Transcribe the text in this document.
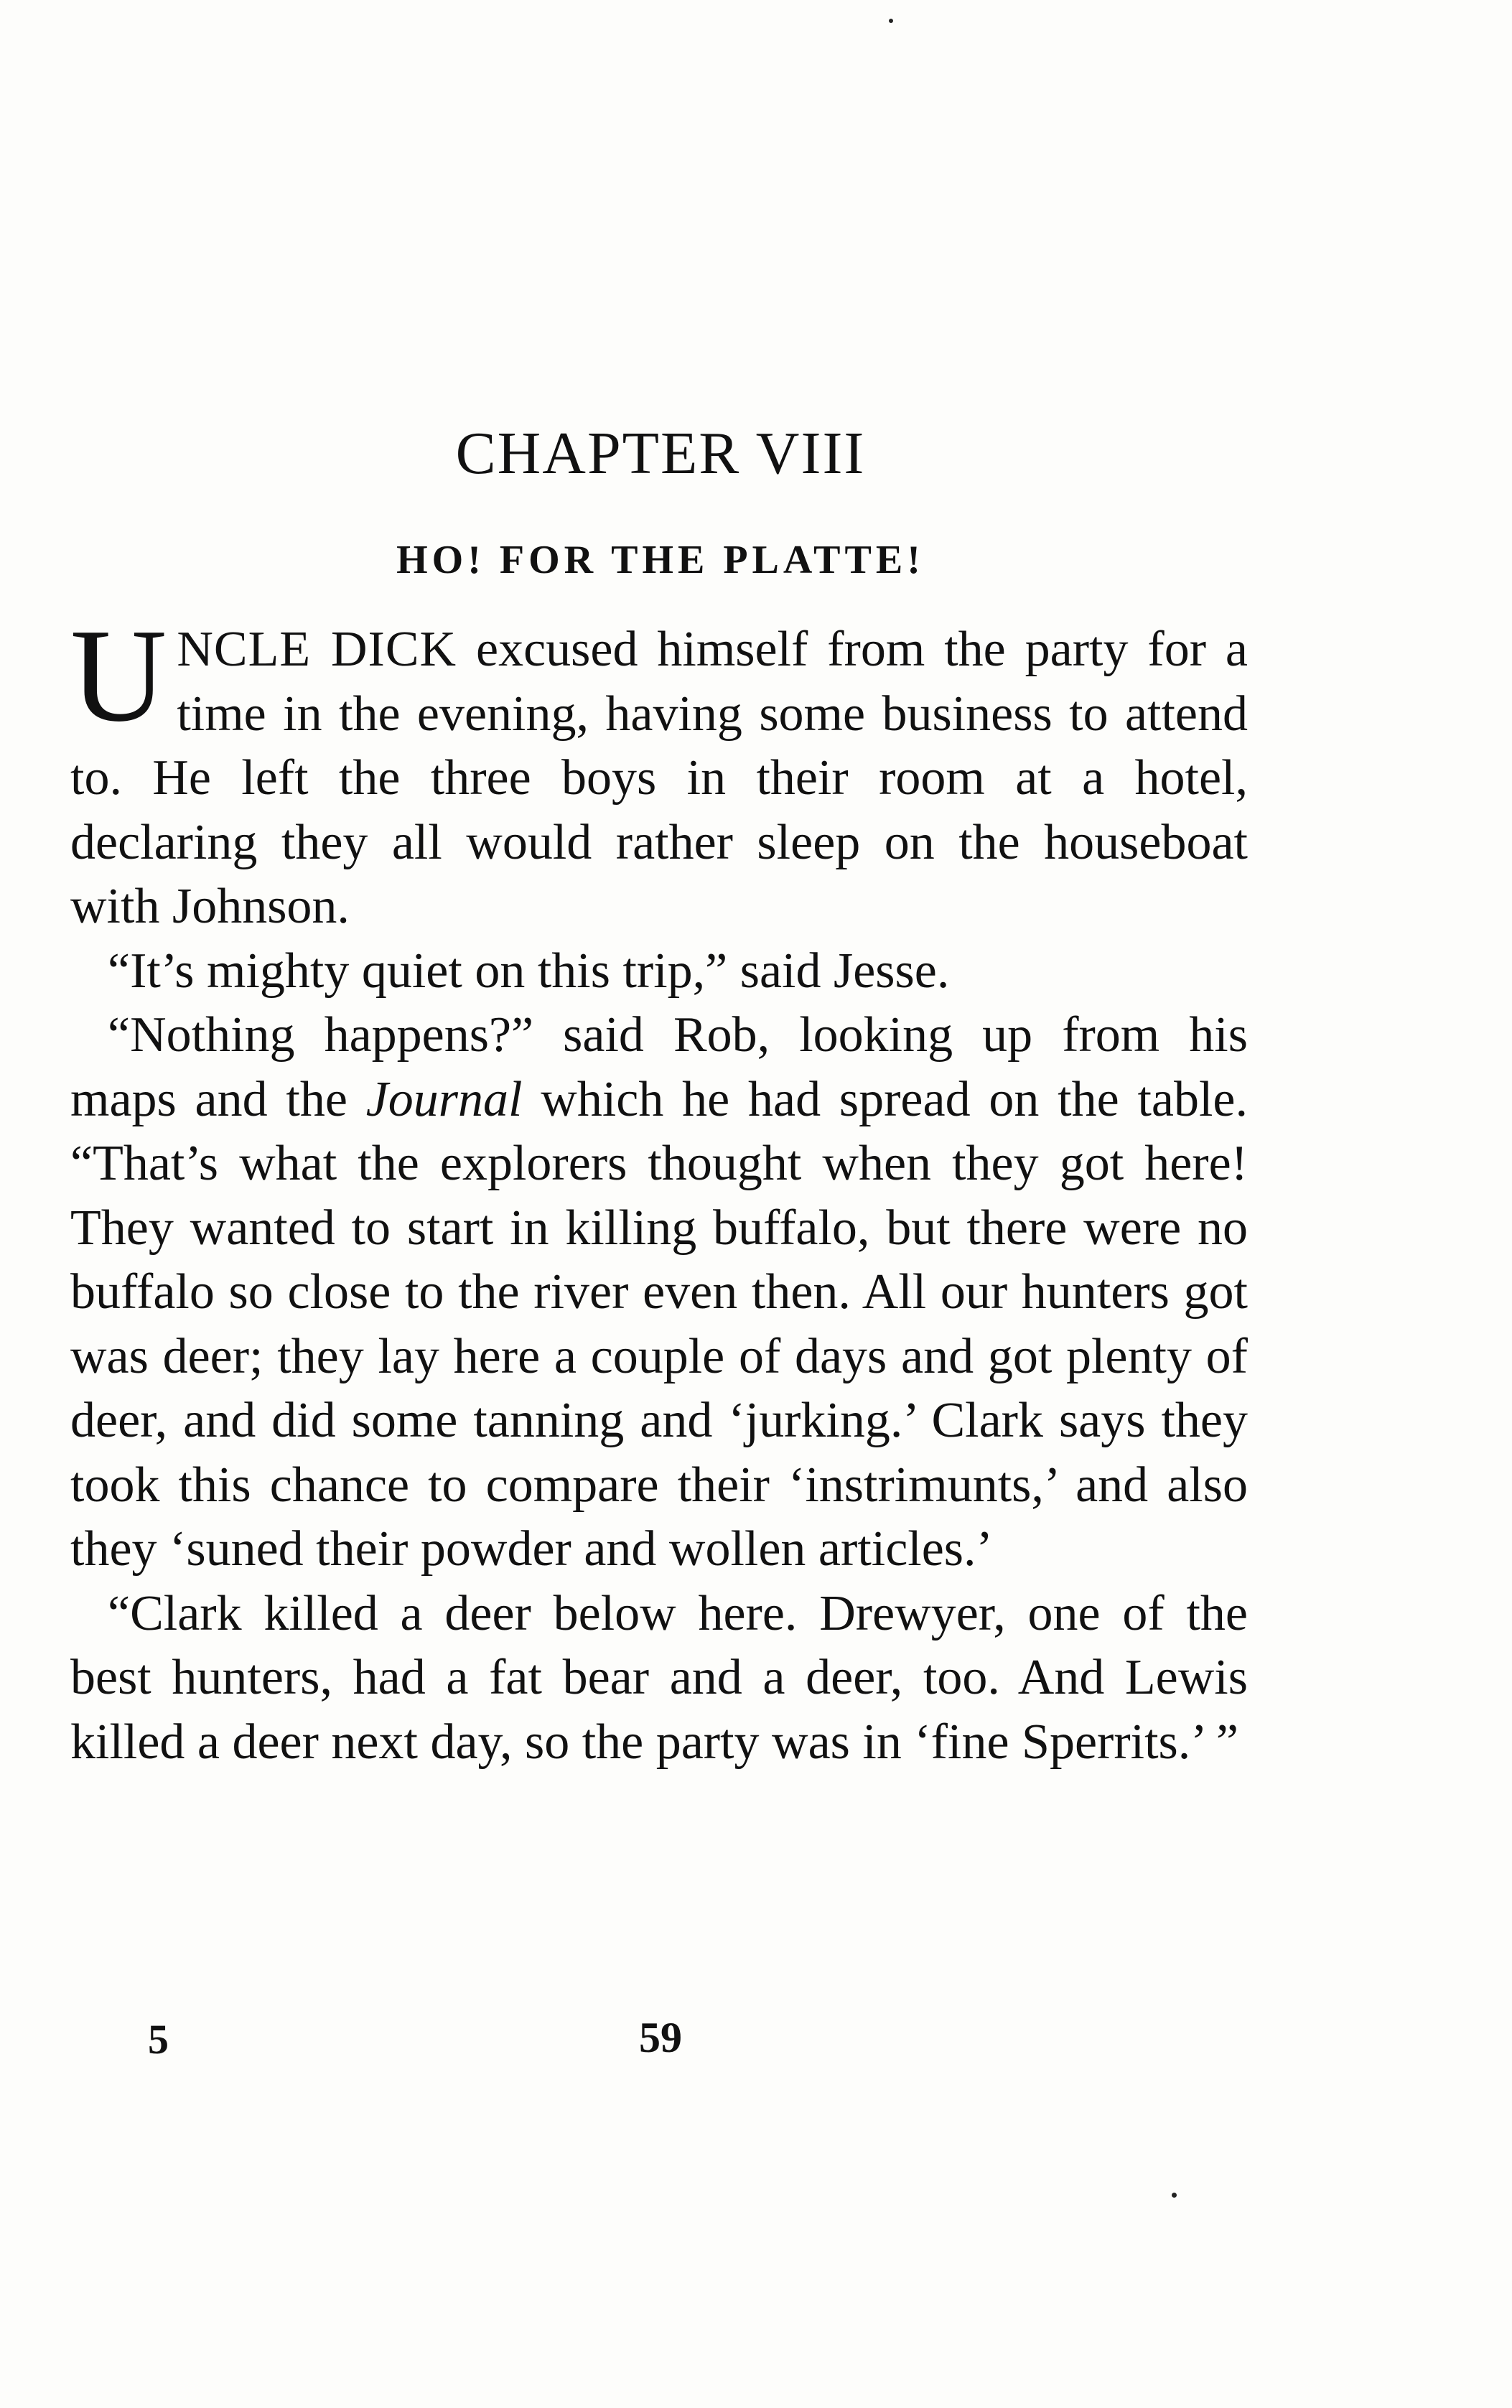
CHAPTER VIII
HO! FOR THE PLATTE!

UNCLE DICK excused himself from the party for a time in the evening, having some business to attend to. He left the three boys in their room at a hotel, declaring they all would rather sleep on the houseboat with Johnson.

“It’s mighty quiet on this trip,” said Jesse.

“Nothing happens?” said Rob, looking up from his maps and the Journal which he had spread on the table. “That’s what the explorers thought when they got here! They wanted to start in killing buffalo, but there were no buffalo so close to the river even then. All our hunters got was deer; they lay here a couple of days and got plenty of deer, and did some tanning and ‘jurking.’ Clark says they took this chance to compare their ‘instrimunts,’ and also they ‘suned their powder and wollen articles.’

“Clark killed a deer below here. Drewyer, one of the best hunters, had a fat bear and a deer, too. And Lewis killed a deer next day, so the party was in ‘fine Sperrits.’ ”

5	59
